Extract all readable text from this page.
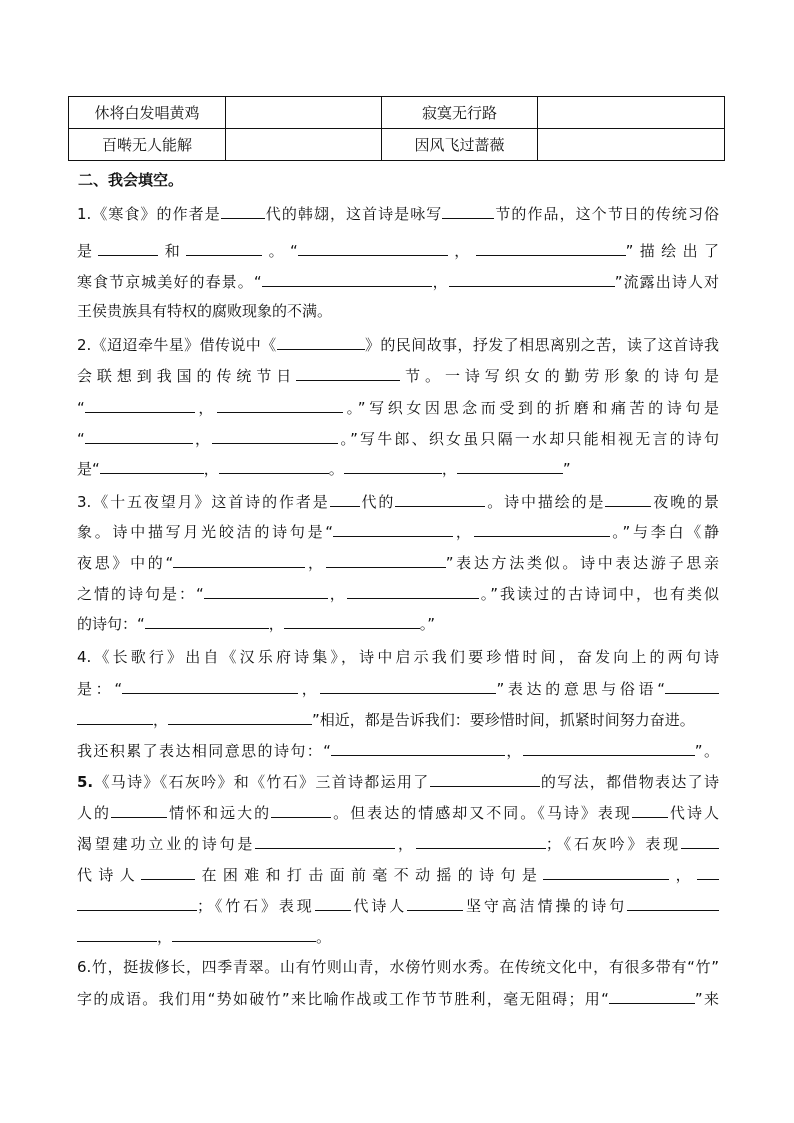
休将白发唱黄鸡		寂寞无行路	
百啭无人能解		因风飞过蔷薇	
二、我会填空。
1.《寒食》的作者是	代的韩翃，这首诗是咏写	节的作品，这个节日的传统习俗
是	和	。“	，	”描绘出了
寒食节京城美好的春景。“	，	”流露出诗人对
王侯贵族具有特权的腐败现象的不满。
2.《迢迢牵牛星》借传说中《	》的民间故事，抒发了相思离别之苦，读了这首诗我
会联想到我国的传统节日	节。一诗写织女的勤劳形象的诗句是
“	，	。”写织女因思念而受到的折磨和痛苦的诗句是
“	，	。”写牛郎、织女虽只隔一水却只能相视无言的诗句
是“	，	。	，	”
3.《十五夜望月》这首诗的作者是 代的	。诗中描绘的是	夜晚的景
象。诗中描写月光皎洁的诗句是“	，	。”与李白《静
夜思》中的“	，	”表达方法类似。诗中表达游子思亲
之情的诗句是：“	，	。”我读过的古诗词中，也有类似
的诗句：“	，	。”
4.《长歌行》出自《汉乐府诗集》，诗中启示我们要珍惜时间，奋发向上的两句诗
是：“	，	”表达的意思与俗语“
，	”相近，都是告诉我们：要珍惜时间，抓紧时间努力奋进。
我还积累了表达相同意思的诗句：“	，	”。
5.《马诗》《石灰吟》和《竹石》三首诗都运用了	的写法，都借物表达了诗
人的	情怀和远大的	。但表达的情感却又不同。《马诗》表现 代诗人
渴望建功立业的诗句是	，	；《石灰吟》表现
代诗人	在困难和打击面前毫不动摇的诗句是	，
；《竹石》表现 代诗人	坚守高洁情操的诗句
，	。
6.竹，挺拔修长，四季青翠。山有竹则山青，水傍竹则水秀。在传统文化中，有很多带有“竹”
字的成语。我们用“势如破竹”来比喻作战或工作节节胜利，毫无阻碍；用“	”来
